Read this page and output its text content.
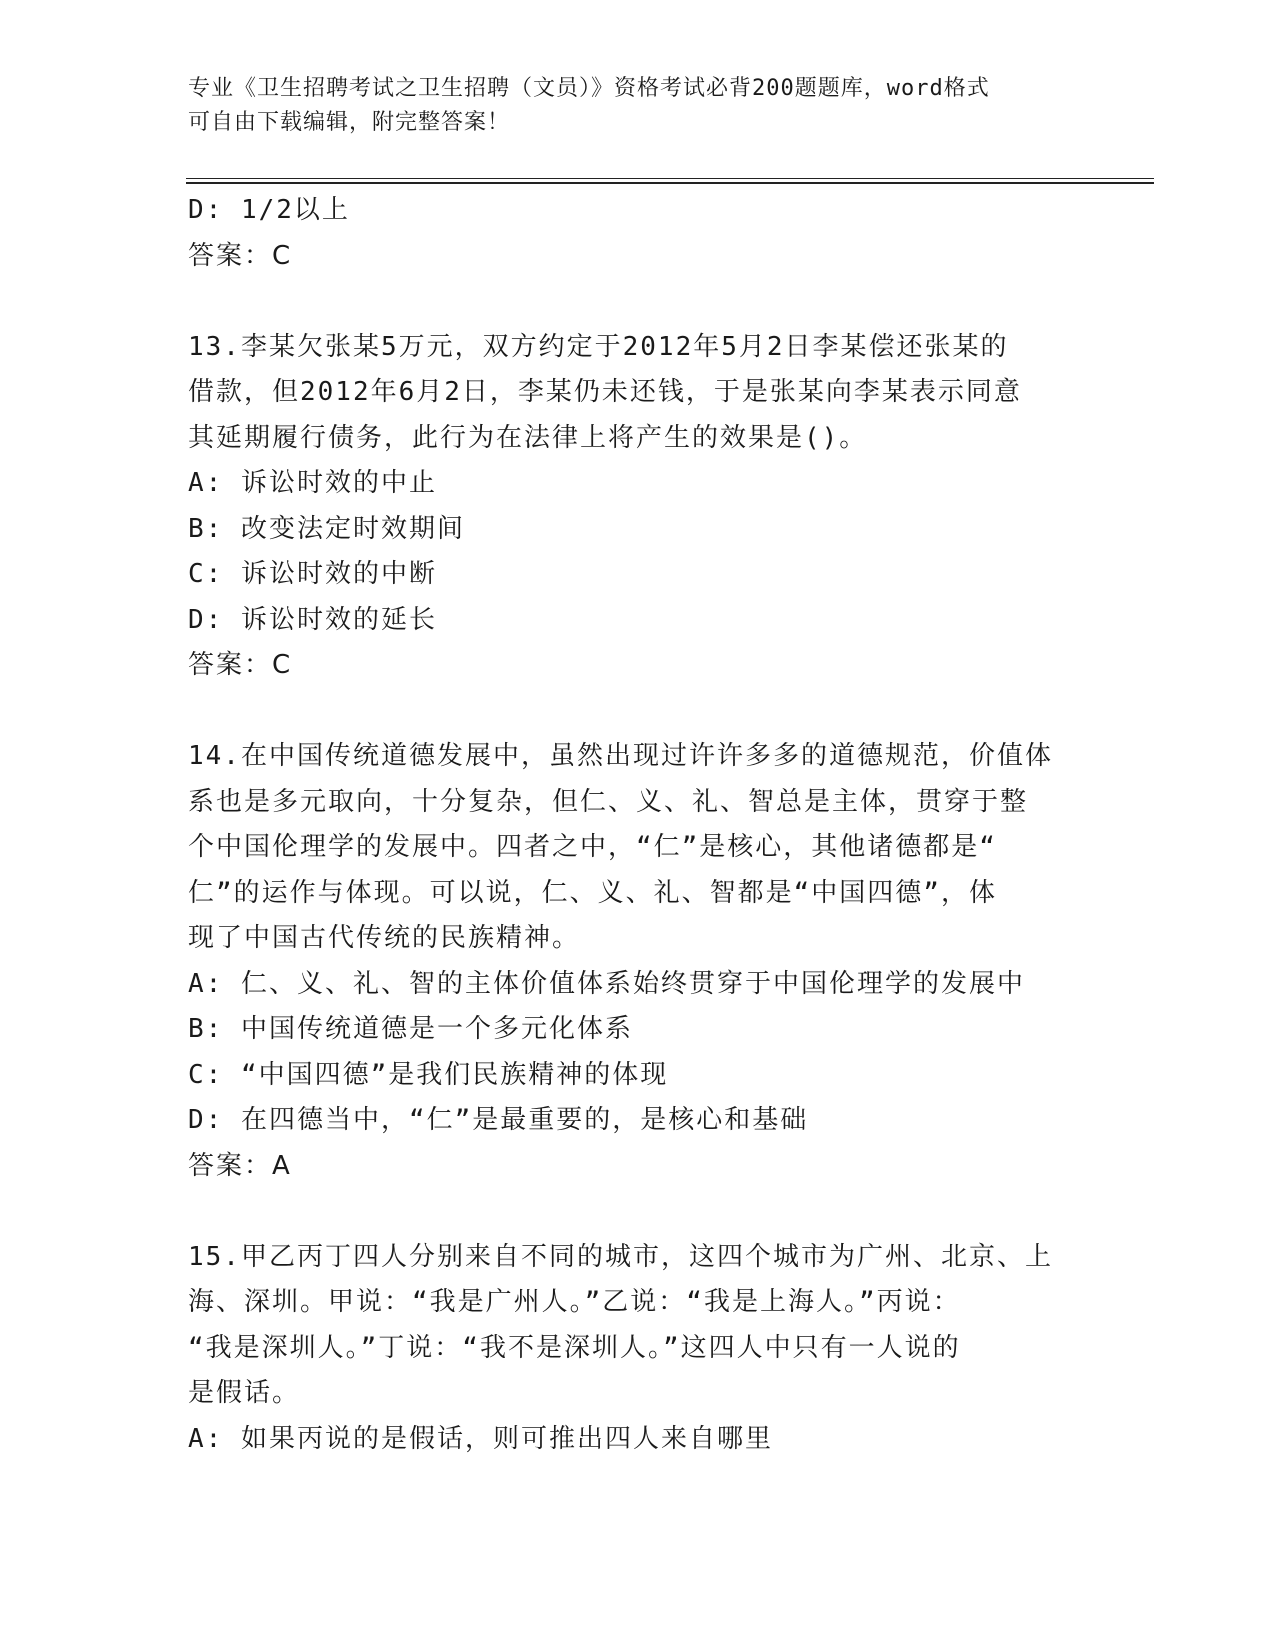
专业《卫生招聘考试之卫生招聘（文员）》资格考试必背200题题库，word格式
可自由下载编辑，附完整答案！
D: 1/2以上
答案：C
13.李某欠张某5万元，双方约定于2012年5月2日李某偿还张某的
借款，但2012年6月2日，李某仍未还钱，于是张某向李某表示同意
其延期履行债务，此行为在法律上将产生的效果是()。
A: 诉讼时效的中止
B: 改变法定时效期间
C: 诉讼时效的中断
D: 诉讼时效的延长
答案：C
14.在中国传统道德发展中，虽然出现过许许多多的道德规范，价值体
系也是多元取向，十分复杂，但仁、义、礼、智总是主体，贯穿于整
个中国伦理学的发展中。四者之中，“仁”是核心，其他诸德都是“
仁”的运作与体现。可以说，仁、义、礼、智都是“中国四德”，体
现了中国古代传统的民族精神。
A: 仁、义、礼、智的主体价值体系始终贯穿于中国伦理学的发展中
B: 中国传统道德是一个多元化体系
C: “中国四德”是我们民族精神的体现
D: 在四德当中，“仁”是最重要的，是核心和基础
答案：A
15.甲乙丙丁四人分别来自不同的城市，这四个城市为广州、北京、上
海、深圳。甲说：“我是广州人。”乙说：“我是上海人。”丙说：
“我是深圳人。”丁说：“我不是深圳人。”这四人中只有一人说的
是假话。
A: 如果丙说的是假话，则可推出四人来自哪里
